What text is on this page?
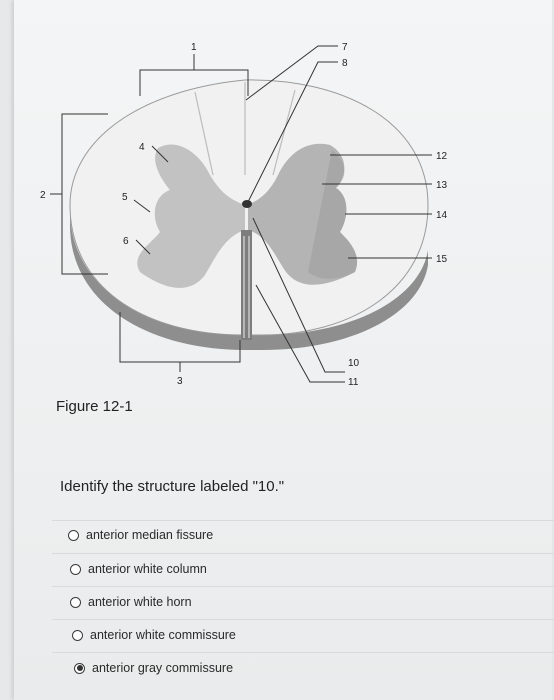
1
2
3
4
5
6
7
8
10
11
12
13
14
15
Figure 12-1
Identify the structure labeled "10."
anterior median fissure
anterior white column
anterior white horn
anterior white commissure
anterior gray commissure
